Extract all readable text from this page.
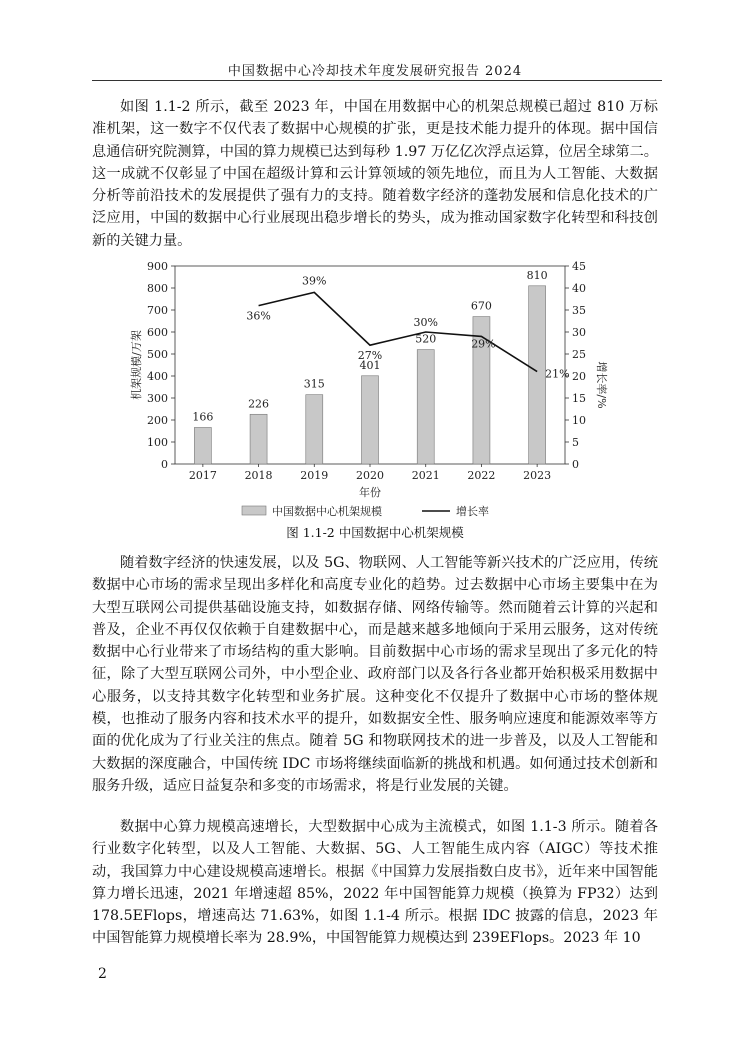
中国数据中心冷却技术年度发展研究报告 2024

如图 1.1-2 所示，截至 2023 年，中国在用数据中心的机架总规模已超过 810 万标准机架，这一数字不仅代表了数据中心规模的扩张，更是技术能力提升的体现。据中国信息通信研究院测算，中国的算力规模已达到每秒 1.97 万亿亿次浮点运算，位居全球第二。这一成就不仅彰显了中国在超级计算和云计算领域的领先地位，而且为人工智能、大数据分析等前沿技术的发展提供了强有力的支持。随着数字经济的蓬勃发展和信息化技术的广泛应用，中国的数据中心行业展现出稳步增长的势头，成为推动国家数字化转型和科技创新的关键力量。

0
100
200
300
400
500
600
700
800
900
0
5
10
15
20
25
30
35
40
45
166
226
315
401
520
670
810
2017	2018	2019	2020	2021	2022	2023
36%
39%
27%
30%
29%
21%
机架规模/万架	增长率/%
年份
中国数据中心机架规模	增长率
图 1.1-2 中国数据中心机架规模

随着数字经济的快速发展，以及 5G、物联网、人工智能等新兴技术的广泛应用，传统数据中心市场的需求呈现出多样化和高度专业化的趋势。过去数据中心市场主要集中在为大型互联网公司提供基础设施支持，如数据存储、网络传输等。然而随着云计算的兴起和普及，企业不再仅仅依赖于自建数据中心，而是越来越多地倾向于采用云服务，这对传统数据中心行业带来了市场结构的重大影响。目前数据中心市场的需求呈现出了多元化的特征，除了大型互联网公司外，中小型企业、政府部门以及各行各业都开始积极采用数据中心服务，以支持其数字化转型和业务扩展。这种变化不仅提升了数据中心市场的整体规模，也推动了服务内容和技术水平的提升，如数据安全性、服务响应速度和能源效率等方面的优化成为了行业关注的焦点。随着 5G 和物联网技术的进一步普及，以及人工智能和大数据的深度融合，中国传统 IDC 市场将继续面临新的挑战和机遇。如何通过技术创新和服务升级，适应日益复杂和多变的市场需求，将是行业发展的关键。

数据中心算力规模高速增长，大型数据中心成为主流模式，如图 1.1-3 所示。随着各行业数字化转型，以及人工智能、大数据、5G、人工智能生成内容（AIGC）等技术推动，我国算力中心建设规模高速增长。根据《中国算力发展指数白皮书》，近年来中国智能算力增长迅速，2021 年增速超 85%，2022 年中国智能算力规模（换算为 FP32）达到 178.5EFlops，增速高达 71.63%，如图 1.1-4 所示。根据 IDC 披露的信息，2023 年中国智能算力规模增长率为 28.9%，中国智能算力规模达到 239EFlops。2023 年 10

2
